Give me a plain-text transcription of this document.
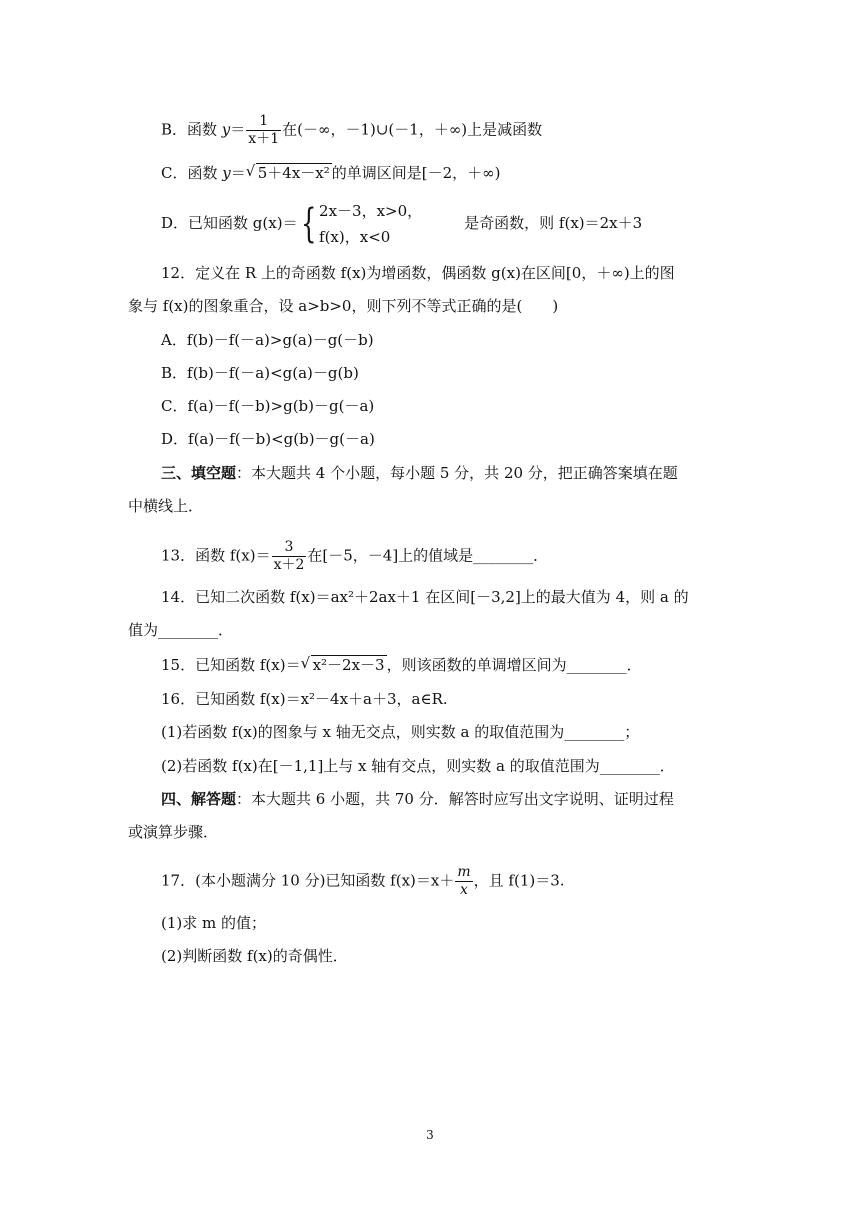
B．函数 $y= \frac{1}{x+1}$ 在(－∞，－1)∪(－1，＋∞)上是减函数
C．函数 y＝ √ 5＋4x－x² 的单调区间是[－2，＋∞)
D．已知函数 g(x)＝{ 2x－3，x>0，
f(x)，x<0
是奇函数，则 f(x)＝2x＋3
12．定义在 R 上的奇函数 f(x)为增函数，偶函数 g(x)在区间[0，＋∞)上的图
象与 f(x)的图象重合，设 a>b>0，则下列不等式正确的是(　　)
A．f(b)－f(－a)>g(a)－g(－b)
B．f(b)－f(－a)<g(a)－g(b)
C．f(a)－f(－b)>g(b)－g(－a)
D．f(a)－f(－b)<g(b)－g(－a)
三、填空题：本大题共 4 个小题，每小题 5 分，共 20 分，把正确答案填在题
中横线上．
13．函数 $f(x)= \frac{3}{x+2}$ 在[－5，－4]上的值域是________．
14．已知二次函数 f(x)＝ax²＋2ax＋1 在区间[－3,2]上的最大值为 4，则 a 的
值为________．
15．已知函数 f(x)＝ √ x²－2x－3 ，则该函数的单调增区间为________．
16．已知函数 f(x)＝x²－4x＋a＋3，a∈R.
(1)若函数 f(x)的图象与 x 轴无交点，则实数 a 的取值范围为________；
(2)若函数 f(x)在[－1,1]上与 x 轴有交点，则实数 a 的取值范围为________．
四、解答题：本大题共 6 小题，共 70 分．解答时应写出文字说明、证明过程
或演算步骤．
17．(本小题满分 10 分)已知函数 $f(x)=x+ \frac{m}{x}$ ，且 f(1)＝3.
(1)求 m 的值；
(2)判断函数 f(x)的奇偶性．
3
